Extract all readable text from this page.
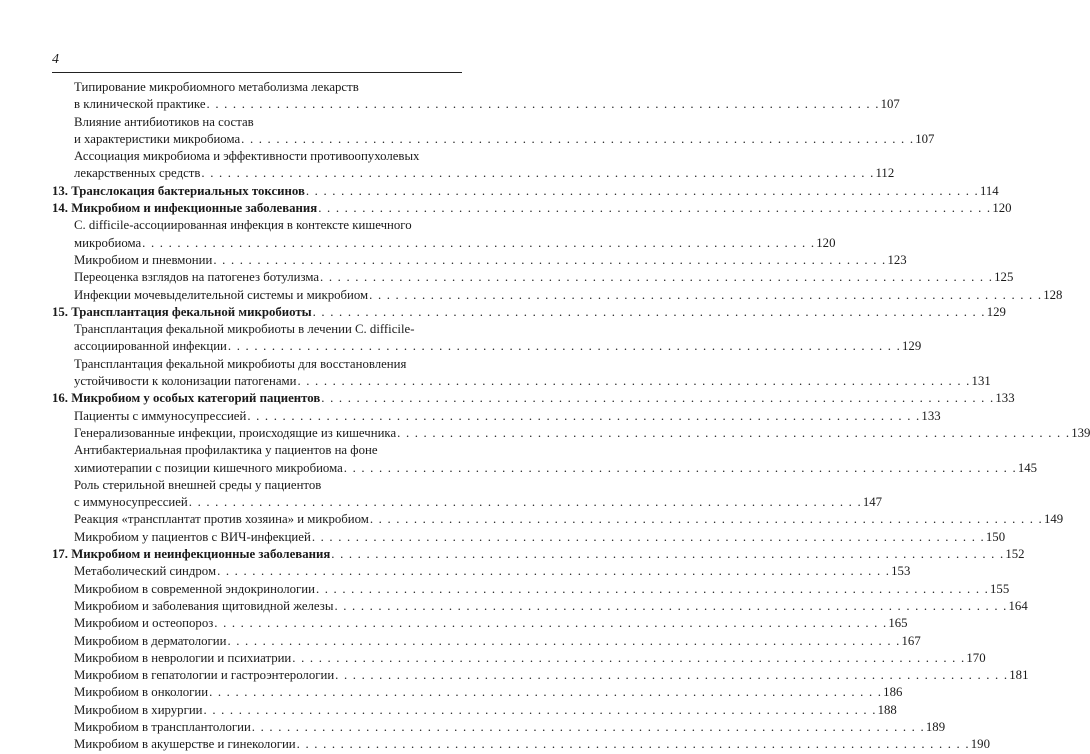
4
Типирование микробиомного метаболизма лекарств
в клинической практике . . . . . . . . . . . . . . . . . . . . . . . . . . . . . . . . . . . . . . . . . . . . . . . . . . . . . . . . . . . . . . . . . . . . . . . . . . . . . 107
Влияние антибиотиков на состав
и характеристики микробиома . . . . . . . . . . . . . . . . . . . . . . . . . . . . . . . . . . . . . . . . . . . . . . . . . . . . . . . . . . . . . . . . . . . . . . . . . . . . . 107
Ассоциация микробиома и эффективности противоопухолевых
лекарственных средств . . . . . . . . . . . . . . . . . . . . . . . . . . . . . . . . . . . . . . . . . . . . . . . . . . . . . . . . . . . . . . . . . . . . . . . . . . . . . 112
13. Транслокация бактериальных токсинов . . . . . . . . . . . . . . . . . . . . . . . . . . . . . . . . . . . . . . . . . . . . . . . . . . . . . . . . . . . . . . . . . . . . . . . . . . . . . 114
14. Микробиом и инфекционные заболевания . . . . . . . . . . . . . . . . . . . . . . . . . . . . . . . . . . . . . . . . . . . . . . . . . . . . . . . . . . . . . . . . . . . . . . . . . . . . . 120
C. difficile-ассоциированная инфекция в контексте кишечного
микробиома . . . . . . . . . . . . . . . . . . . . . . . . . . . . . . . . . . . . . . . . . . . . . . . . . . . . . . . . . . . . . . . . . . . . . . . . . . . . . 120
Микробиом и пневмонии . . . . . . . . . . . . . . . . . . . . . . . . . . . . . . . . . . . . . . . . . . . . . . . . . . . . . . . . . . . . . . . . . . . . . . . . . . . . . 123
Переоценка взглядов на патогенез ботулизма . . . . . . . . . . . . . . . . . . . . . . . . . . . . . . . . . . . . . . . . . . . . . . . . . . . . . . . . . . . . . . . . . . . . . . . . . . . . . 125
Инфекции мочевыделительной системы и микробиом . . . . . . . . . . . . . . . . . . . . . . . . . . . . . . . . . . . . . . . . . . . . . . . . . . . . . . . . . . . . . . . . . . . . . . . . . . . . . 128
15. Трансплантация фекальной микробиоты . . . . . . . . . . . . . . . . . . . . . . . . . . . . . . . . . . . . . . . . . . . . . . . . . . . . . . . . . . . . . . . . . . . . . . . . . . . . . 129
Трансплантация фекальной микробиоты в лечении C. difficile-
ассоциированной инфекции . . . . . . . . . . . . . . . . . . . . . . . . . . . . . . . . . . . . . . . . . . . . . . . . . . . . . . . . . . . . . . . . . . . . . . . . . . . . . 129
Трансплантация фекальной микробиоты для восстановления
устойчивости к колонизации патогенами . . . . . . . . . . . . . . . . . . . . . . . . . . . . . . . . . . . . . . . . . . . . . . . . . . . . . . . . . . . . . . . . . . . . . . . . . . . . . 131
16. Микробиом у особых категорий пациентов . . . . . . . . . . . . . . . . . . . . . . . . . . . . . . . . . . . . . . . . . . . . . . . . . . . . . . . . . . . . . . . . . . . . . . . . . . . . . 133
Пациенты с иммуносупрессией . . . . . . . . . . . . . . . . . . . . . . . . . . . . . . . . . . . . . . . . . . . . . . . . . . . . . . . . . . . . . . . . . . . . . . . . . . . . . 133
Генерализованные инфекции, происходящие из кишечника . . . . . . . . . . . . . . . . . . . . . . . . . . . . . . . . . . . . . . . . . . . . . . . . . . . . . . . . . . . . . . . . . . . . . . . . . . . . . 139
Антибактериальная профилактика у пациентов на фоне
химиотерапии с позиции кишечного микробиома . . . . . . . . . . . . . . . . . . . . . . . . . . . . . . . . . . . . . . . . . . . . . . . . . . . . . . . . . . . . . . . . . . . . . . . . . . . . . 145
Роль стерильной внешней среды у пациентов
с иммуносупрессией . . . . . . . . . . . . . . . . . . . . . . . . . . . . . . . . . . . . . . . . . . . . . . . . . . . . . . . . . . . . . . . . . . . . . . . . . . . . . 147
Реакция «трансплантат против хозяина» и микробиом . . . . . . . . . . . . . . . . . . . . . . . . . . . . . . . . . . . . . . . . . . . . . . . . . . . . . . . . . . . . . . . . . . . . . . . . . . . . . 149
Микробиом у пациентов с ВИЧ-инфекцией . . . . . . . . . . . . . . . . . . . . . . . . . . . . . . . . . . . . . . . . . . . . . . . . . . . . . . . . . . . . . . . . . . . . . . . . . . . . . 150
17. Микробиом и неинфекционные заболевания . . . . . . . . . . . . . . . . . . . . . . . . . . . . . . . . . . . . . . . . . . . . . . . . . . . . . . . . . . . . . . . . . . . . . . . . . . . . . 152
Метаболический синдром . . . . . . . . . . . . . . . . . . . . . . . . . . . . . . . . . . . . . . . . . . . . . . . . . . . . . . . . . . . . . . . . . . . . . . . . . . . . . 153
Микробиом в современной эндокринологии . . . . . . . . . . . . . . . . . . . . . . . . . . . . . . . . . . . . . . . . . . . . . . . . . . . . . . . . . . . . . . . . . . . . . . . . . . . . . 155
Микробиом и заболевания щитовидной железы . . . . . . . . . . . . . . . . . . . . . . . . . . . . . . . . . . . . . . . . . . . . . . . . . . . . . . . . . . . . . . . . . . . . . . . . . . . . . 164
Микробиом и остеопороз . . . . . . . . . . . . . . . . . . . . . . . . . . . . . . . . . . . . . . . . . . . . . . . . . . . . . . . . . . . . . . . . . . . . . . . . . . . . . 165
Микробиом в дерматологии . . . . . . . . . . . . . . . . . . . . . . . . . . . . . . . . . . . . . . . . . . . . . . . . . . . . . . . . . . . . . . . . . . . . . . . . . . . . . 167
Микробиом в неврологии и психиатрии . . . . . . . . . . . . . . . . . . . . . . . . . . . . . . . . . . . . . . . . . . . . . . . . . . . . . . . . . . . . . . . . . . . . . . . . . . . . . 170
Микробиом в гепатологии и гастроэнтерологии . . . . . . . . . . . . . . . . . . . . . . . . . . . . . . . . . . . . . . . . . . . . . . . . . . . . . . . . . . . . . . . . . . . . . . . . . . . . . 181
Микробиом в онкологии . . . . . . . . . . . . . . . . . . . . . . . . . . . . . . . . . . . . . . . . . . . . . . . . . . . . . . . . . . . . . . . . . . . . . . . . . . . . . 186
Микробиом в хирургии . . . . . . . . . . . . . . . . . . . . . . . . . . . . . . . . . . . . . . . . . . . . . . . . . . . . . . . . . . . . . . . . . . . . . . . . . . . . . 188
Микробиом в трансплантологии . . . . . . . . . . . . . . . . . . . . . . . . . . . . . . . . . . . . . . . . . . . . . . . . . . . . . . . . . . . . . . . . . . . . . . . . . . . . . 189
Микробиом в акушерстве и гинекологии . . . . . . . . . . . . . . . . . . . . . . . . . . . . . . . . . . . . . . . . . . . . . . . . . . . . . . . . . . . . . . . . . . . . . . . . . . . . . 190
